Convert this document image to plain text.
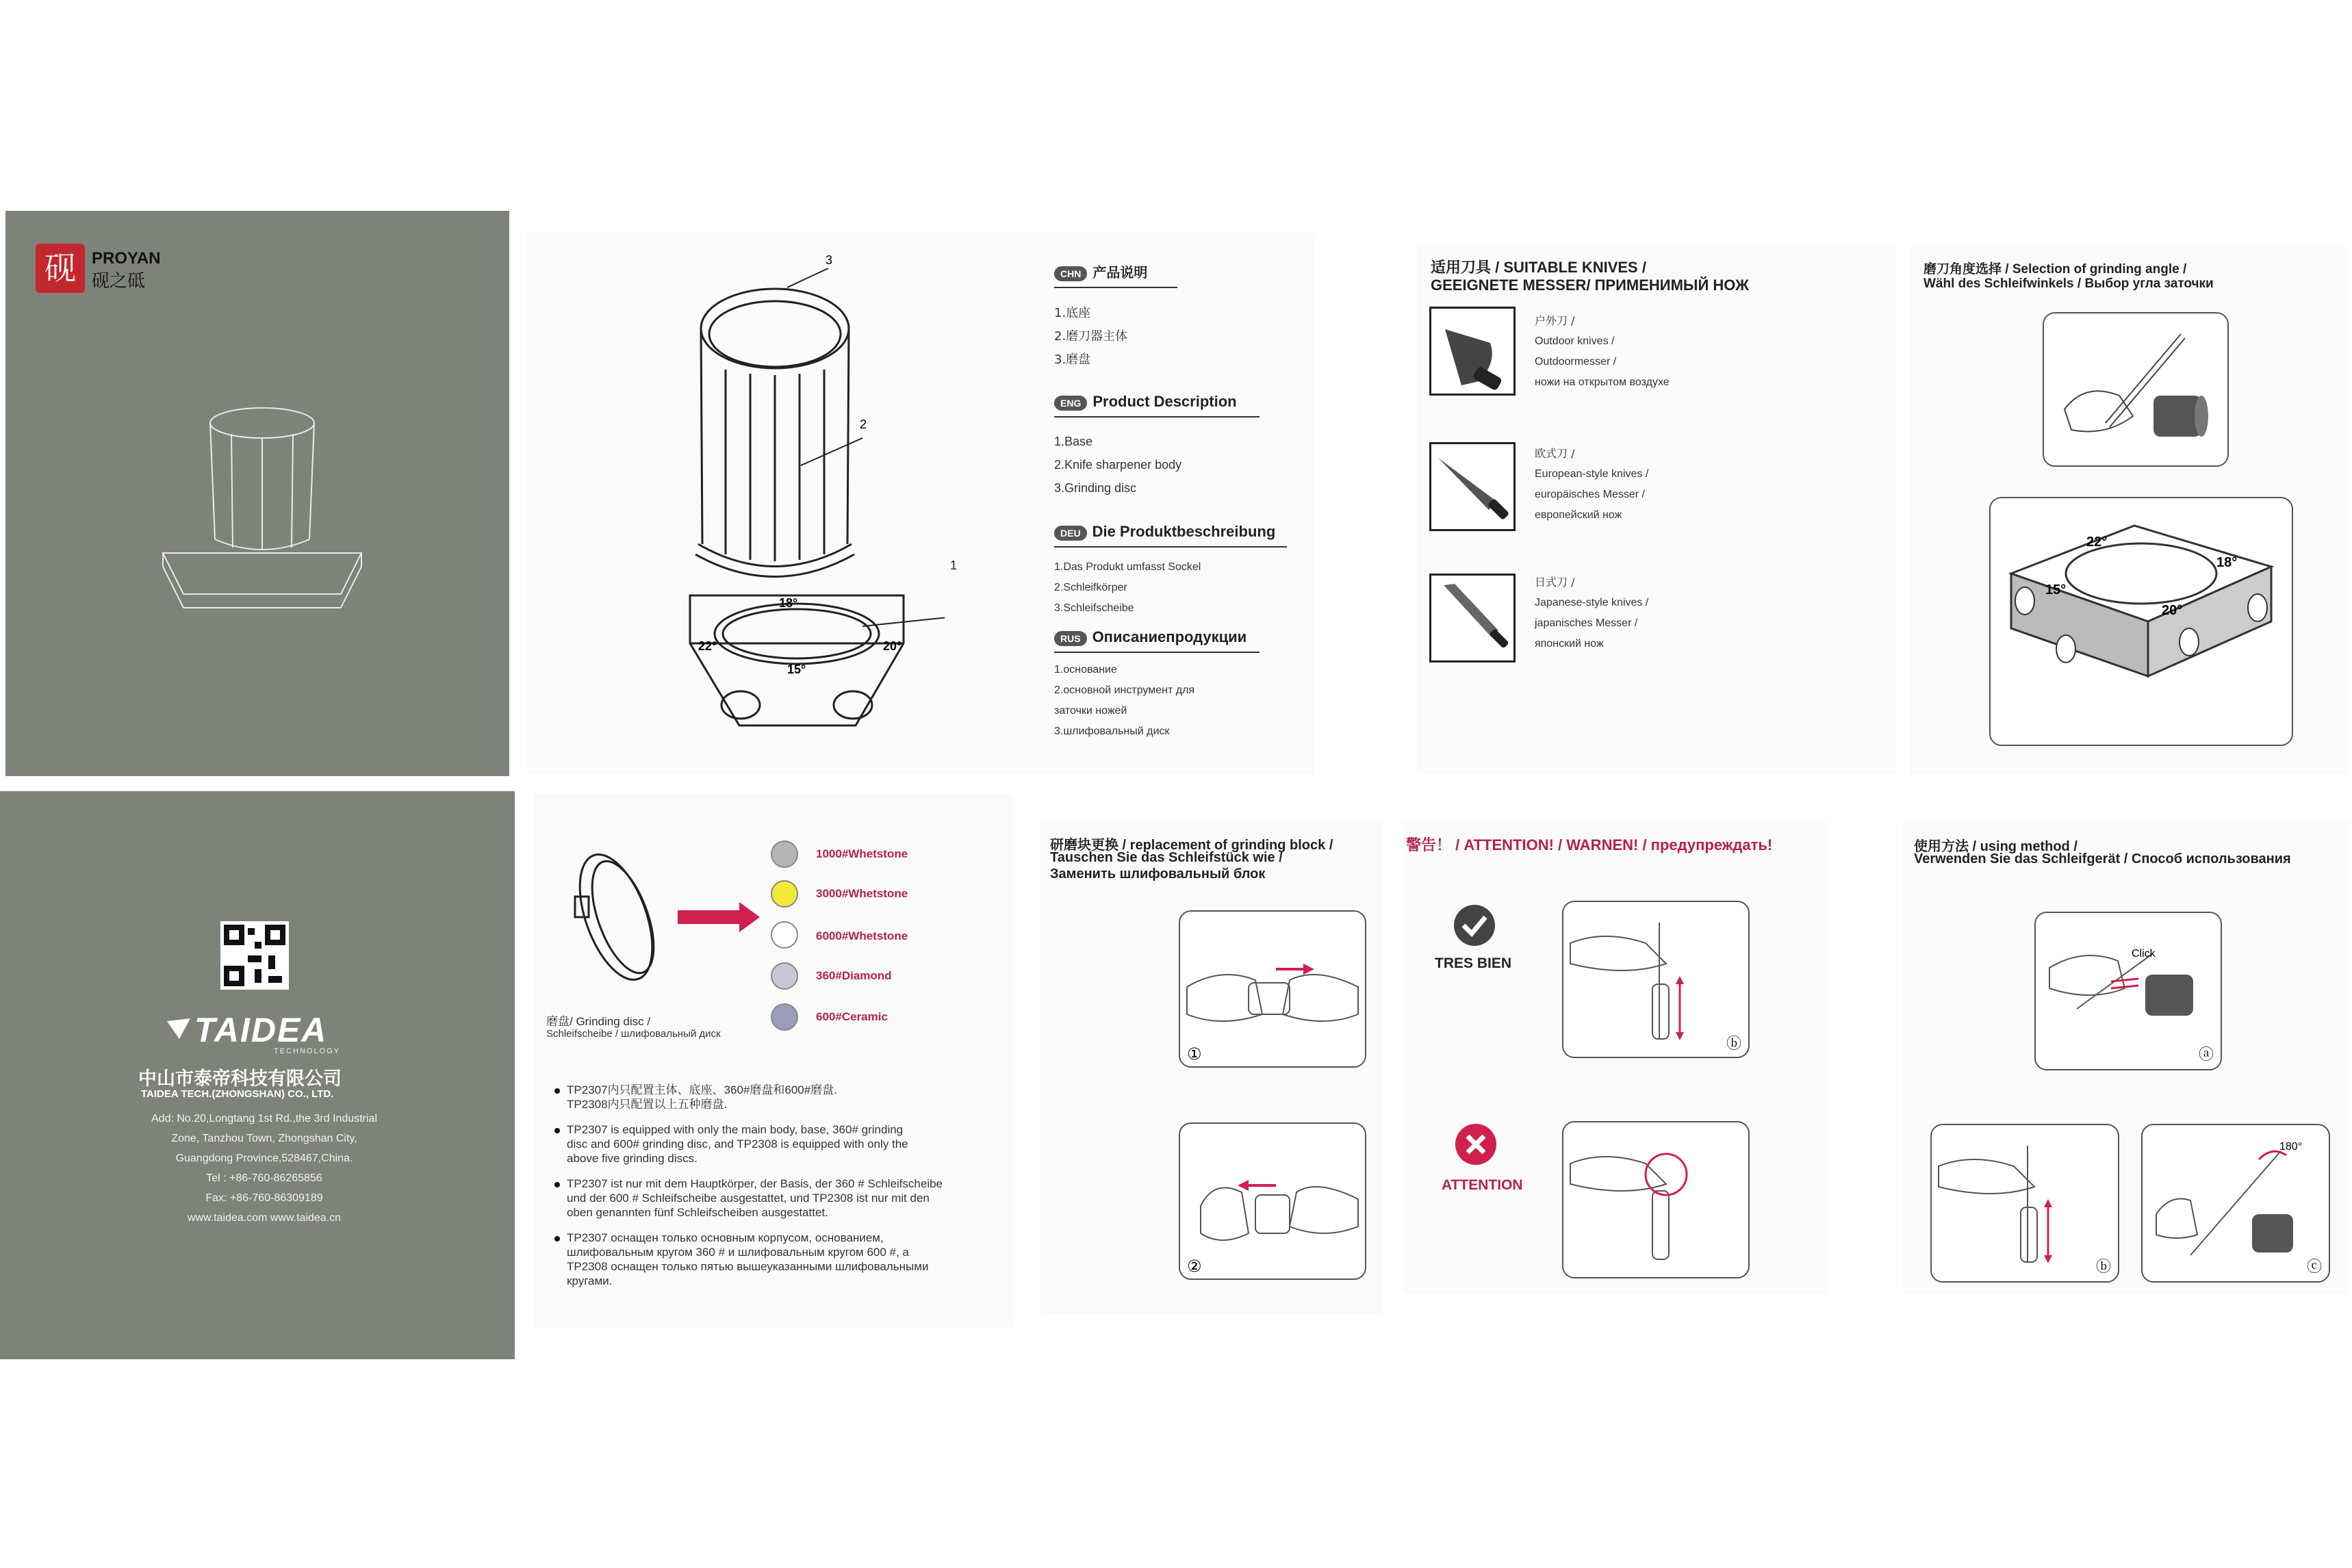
砚 PROYAN
砚之砥
TAIDEA
TECHNOLOGY
中山市泰帝科技有限公司
TAIDEA TECH.(ZHONGSHAN) CO., LTD.
Add: No.20,Longtang 1st Rd.,the 3rd Industrial
Zone, Tanzhou Town, Zhongshan City,
Guangdong Province,528467,China.
Tel : +86-760-86265856
Fax: +86-760-86309189
www.taidea.com www.taidea.cn
3
2
18°
22°	20°
15°
1
CHN 产品说明
1.底座
2.磨刀器主体
3.磨盘
ENG Product Description
1.Base
2.Knife sharpener body
3.Grinding disc
DEU Die Produktbeschreibung
1.Das Produkt umfasst Sockel
2.Schleifkörper
3.Schleifscheibe
RUS Описаниепродукции
1.основание
2.основной инструмент для
заточки ножей
3.шлифовальный диск
适用刀具 / SUITABLE KNIVES /
GEEIGNETE MESSER/ ПРИМЕНИМЫЙ НОЖ
户外刀 /
Outdoor knives /
Outdoormesser /
ножи на открытом воздухе
欧式刀 /
European-style knives /
europäisches Messer /
европейский нож
日式刀 /
Japanese-style knives /
japanisches Messer /
японский нож
磨刀角度选择 / Selection of grinding angle /
Wähl des Schleifwinkels / Выбор угла заточки
22°
18°
15°
20°
磨盘/ Grinding disc /
Schleifscheibe / шлифовальный диск
1000#Whetstone
3000#Whetstone
6000#Whetstone
360#Diamond
600#Ceramic
TP2307内只配置主体、底座、360#磨盘和600#磨盘.
TP2308内只配置以上五种磨盘.
TP2307 is equipped with only the main body, base, 360# grinding
disc and 600# grinding disc, and TP2308 is equipped with only the
above five grinding discs.
TP2307 ist nur mit dem Hauptkörper, der Basis, der 360 # Schleifscheibe
und der 600 # Schleifscheibe ausgestattet, und TP2308 ist nur mit den
oben genannten fünf Schleifscheiben ausgestattet.
TP2307 оснащен только основным корпусом, основанием,
шлифовальным кругом 360 # и шлифовальным кругом 600 #, а
TP2308 оснащен только пятью вышеуказанными шлифовальными
кругами.
研磨块更换 / replacement of grinding block /
Tauschen Sie das Schleifstück wie /
Заменить шлифовальный блок
①
②
警告！ / ATTENTION! / WARNEN! / предупреждать!
TRES BIEN
ⓑ
ATTENTION
使用方法 / using method /
Verwenden Sie das Schleifgerät / Способ использования
Click
ⓐ
ⓑ
180°
ⓒ
